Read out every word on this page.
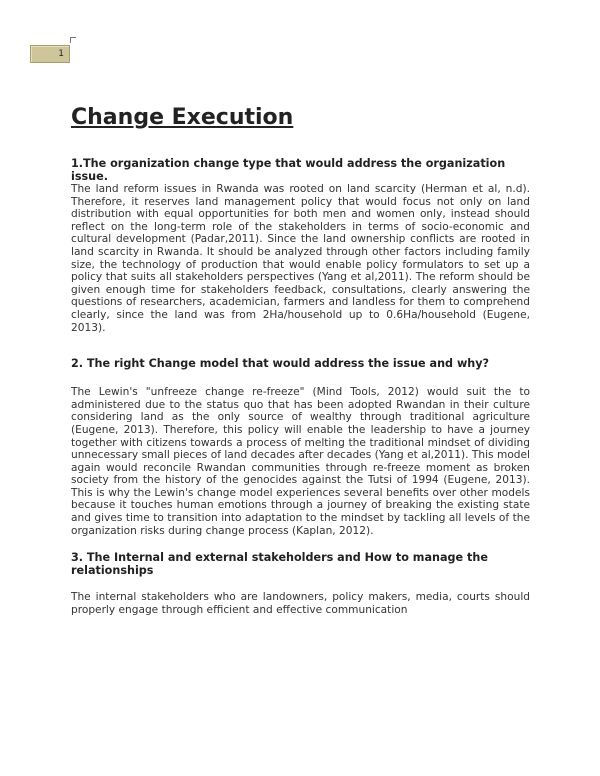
1
Change Execution
1.The organization change type that would address the organization issue.

The land reform issues in Rwanda was rooted on land scarcity (Herman et al, n.d). Therefore, it reserves land management policy that would focus not only on land distribution with equal opportunities for both men and women only, instead should reflect on the long-term role of the stakeholders in terms of socio-economic and cultural development (Padar,2011). Since the land ownership conflicts are rooted in land scarcity in Rwanda. It should be analyzed through other factors including family size, the technology of production that would enable policy formulators to set up a policy that suits all stakeholders perspectives (Yang et al,2011). The reform should be given enough time for stakeholders feedback, consultations, clearly answering the questions of researchers, academician, farmers and landless for them to comprehend clearly, since the land was from 2Ha/household up to 0.6Ha/household (Eugene, 2013).

2. The right Change model that would address the issue and why?

The Lewin's "unfreeze change re-freeze" (Mind Tools, 2012) would suit the to administered due to the status quo that has been adopted Rwandan in their culture considering land as the only source of wealthy through traditional agriculture (Eugene, 2013). Therefore, this policy will enable the leadership to have a journey together with citizens towards a process of melting the traditional mindset of dividing unnecessary small pieces of land decades after decades (Yang et al,2011). This model again would reconcile Rwandan communities through re-freeze moment as broken society from the history of the genocides against the Tutsi of 1994 (Eugene, 2013). This is why the Lewin's change model experiences several benefits over other models because it touches human emotions through a journey of breaking the existing state and gives time to transition into adaptation to the mindset by tackling all levels of the organization risks during change process (Kaplan, 2012).

3. The Internal and external stakeholders and How to manage the relationships

The internal stakeholders who are landowners, policy makers, media, courts should properly engage through efficient and effective communication
